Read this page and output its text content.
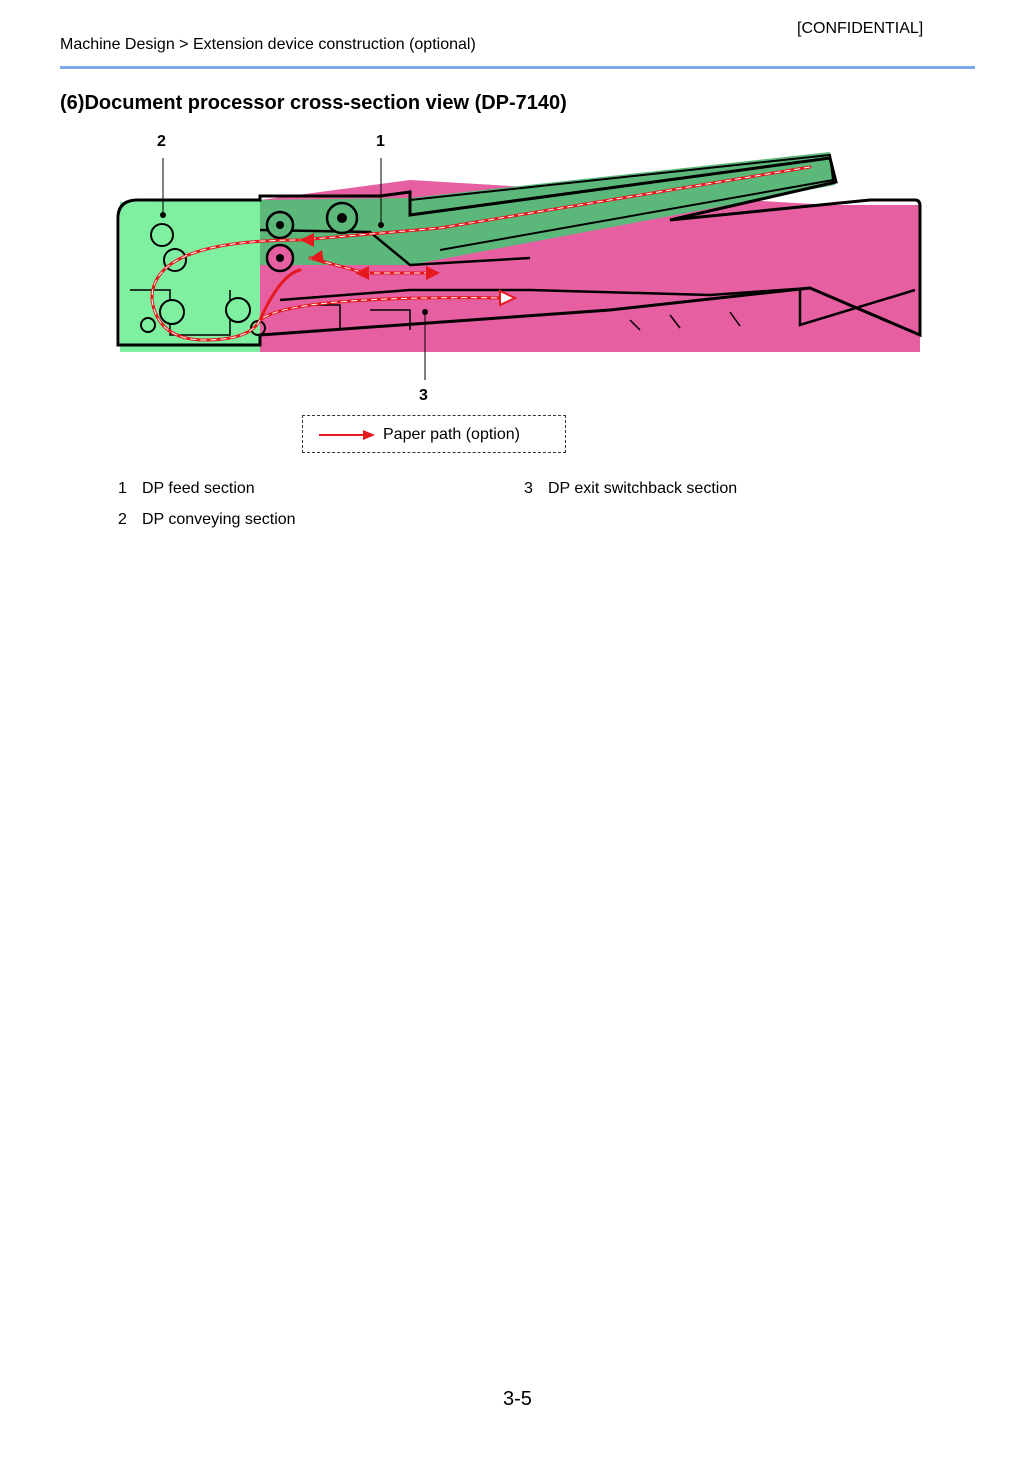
[CONFIDENTIAL]
Machine Design > Extension device construction (optional)
(6)Document processor cross-section view (DP-7140)
2	1
3
Paper path (option)
1 DP feed section
2 DP conveying section
3 DP exit switchback section
3-5
